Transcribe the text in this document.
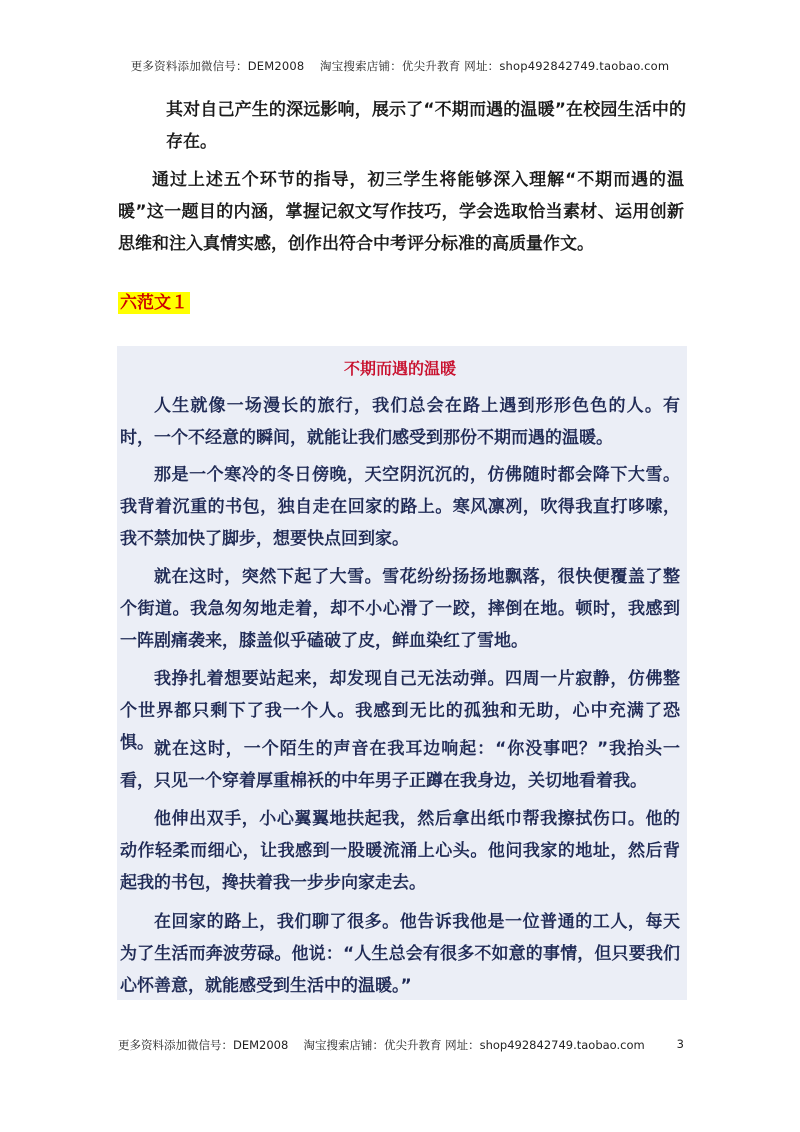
更多资料添加微信号：DEM2008　 淘宝搜索店铺：优尖升教育 网址：shop492842749.taobao.com

其对自己产生的深远影响，展示了“不期而遇的温暖”在校园生活中的存在。

通过上述五个环节的指导，初三学生将能够深入理解“不期而遇的温暖”这一题目的内涵，掌握记叙文写作技巧，学会选取恰当素材、运用创新思维和注入真情实感，创作出符合中考评分标准的高质量作文。

六范文１
不期而遇的温暖

人生就像一场漫长的旅行，我们总会在路上遇到形形色色的人。有时，一个不经意的瞬间，就能让我们感受到那份不期而遇的温暖。

那是一个寒冷的冬日傍晚，天空阴沉沉的，仿佛随时都会降下大雪。我背着沉重的书包，独自走在回家的路上。寒风凛冽，吹得我直打哆嗦，我不禁加快了脚步，想要快点回到家。

就在这时，突然下起了大雪。雪花纷纷扬扬地飘落，很快便覆盖了整个街道。我急匆匆地走着，却不小心滑了一跤，摔倒在地。顿时，我感到一阵剧痛袭来，膝盖似乎磕破了皮，鲜血染红了雪地。

我挣扎着想要站起来，却发现自己无法动弹。四周一片寂静，仿佛整个世界都只剩下了我一个人。我感到无比的孤独和无助，心中充满了恐惧。 就在这时，一个陌生的声音在我耳边响起：“你没事吧？”我抬头一看，只见一个穿着厚重棉袄的中年男子正蹲在我身边，关切地看着我。

他伸出双手，小心翼翼地扶起我，然后拿出纸巾帮我擦拭伤口。他的动作轻柔而细心，让我感到一股暖流涌上心头。他问我家的地址，然后背起我的书包，搀扶着我一步步向家走去。

在回家的路上，我们聊了很多。他告诉我他是一位普通的工人，每天为了生活而奔波劳碌。他说：“人生总会有很多不如意的事情，但只要我们心怀善意，就能感受到生活中的温暖。”

更多资料添加微信号：DEM2008　 淘宝搜索店铺：优尖升教育 网址：shop492842749.taobao.com	3
